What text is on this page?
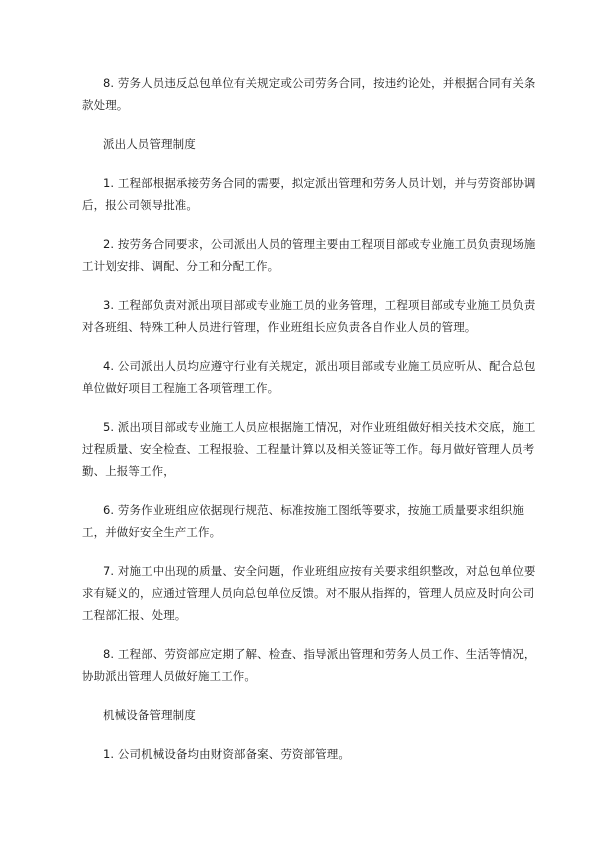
8. 劳务人员违反总包单位有关规定或公司劳务合同，按违约论处，并根据合同有关条款处理。
派出人员管理制度
1. 工程部根据承接劳务合同的需要，拟定派出管理和劳务人员计划，并与劳资部协调后，报公司领导批准。
2. 按劳务合同要求，公司派出人员的管理主要由工程项目部或专业施工员负责现场施工计划安排、调配、分工和分配工作。
3. 工程部负责对派出项目部或专业施工员的业务管理，工程项目部或专业施工员负责对各班组、特殊工种人员进行管理，作业班组长应负责各自作业人员的管理。
4. 公司派出人员均应遵守行业有关规定，派出项目部或专业施工员应听从、配合总包单位做好项目工程施工各项管理工作。
5. 派出项目部或专业施工人员应根据施工情况，对作业班组做好相关技术交底，施工过程质量、安全检查、工程报验、工程量计算以及相关签证等工作。每月做好管理人员考勤、上报等工作，
6. 劳务作业班组应依据现行规范、标准按施工图纸等要求，按施工质量要求组织施工，并做好安全生产工作。
7. 对施工中出现的质量、安全问题，作业班组应按有关要求组织整改，对总包单位要求有疑义的，应通过管理人员向总包单位反馈。对不服从指挥的，管理人员应及时向公司工程部汇报、处理。
8. 工程部、劳资部应定期了解、检查、指导派出管理和劳务人员工作、生活等情况，协助派出管理人员做好施工工作。
机械设备管理制度
1. 公司机械设备均由财资部备案、劳资部管理。
